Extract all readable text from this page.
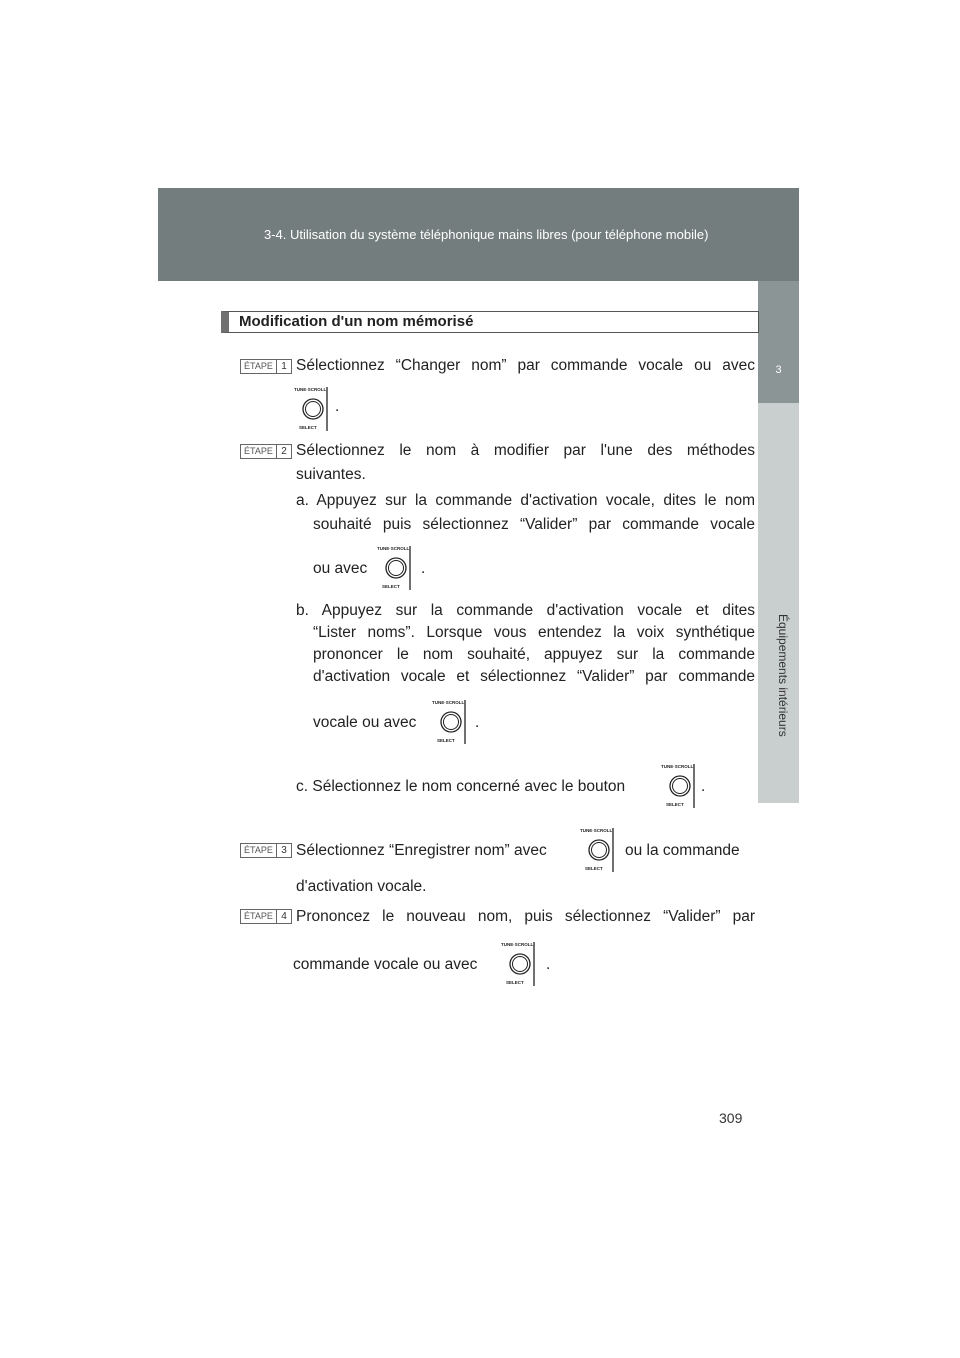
3-4. Utilisation du système téléphonique mains libres (pour téléphone mobile)
3
Équipements intérieurs
Modification d'un nom mémorisé
ÉTAPE 1 Sélectionnez “Changer nom” par commande vocale ou avec
TUNE·SCROLL
SELECT
.
ÉTAPE 2 Sélectionnez le nom à modifier par l'une des méthodes
suivantes.
a. Appuyez sur la commande d'activation vocale, dites le nom
souhaité puis sélectionnez “Valider” par commande vocale
ou avec
TUNE·SCROLL
SELECT
.
b. Appuyez sur la commande d'activation vocale et dites
“Lister noms”. Lorsque vous entendez la voix synthétique
prononcer le nom souhaité, appuyez sur la commande
d'activation vocale et sélectionnez “Valider” par commande
vocale ou avec
TUNE·SCROLL
SELECT
.
c. Sélectionnez le nom concerné avec le bouton
TUNE·SCROLL
SELECT
.
ÉTAPE 3 Sélectionnez “Enregistrer nom” avec
TUNE·SCROLL
SELECT
ou la commande
d'activation vocale.
ÉTAPE 4 Prononcez le nouveau nom, puis sélectionnez “Valider” par
commande vocale ou avec
TUNE·SCROLL
SELECT
.
309
